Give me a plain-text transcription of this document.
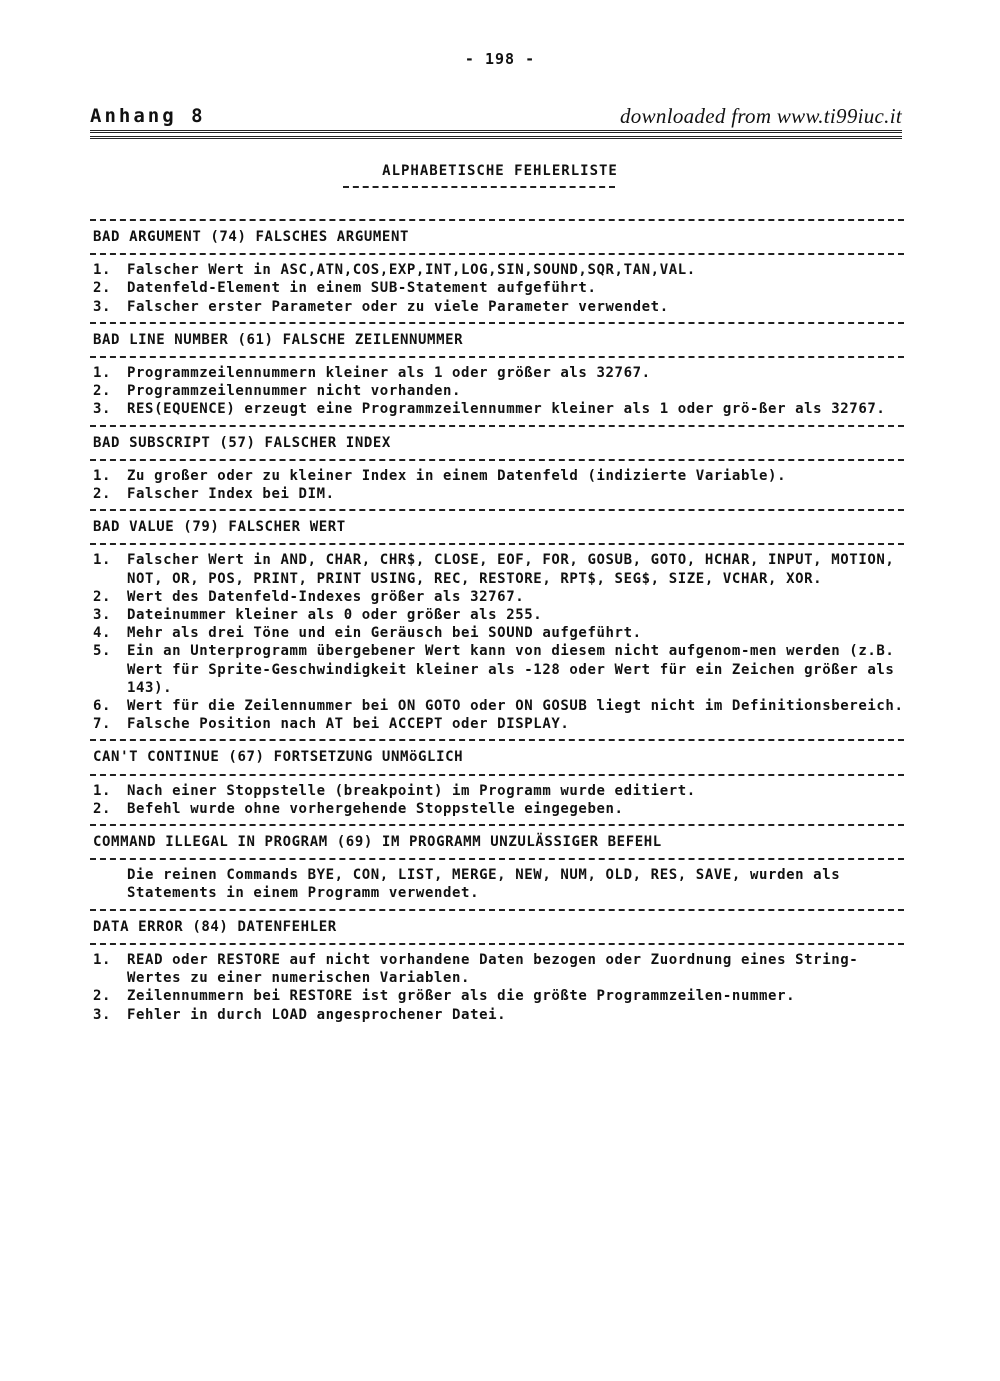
- 198 -
Anhang 8	downloaded from www.ti99iuc.it
ALPHABETISCHE FEHLERLISTE
BAD ARGUMENT (74) FALSCHES ARGUMENT
1.	Falscher Wert in ASC,ATN,COS,EXP,INT,LOG,SIN,SOUND,SQR,TAN,VAL.
2.	Datenfeld-Element in einem SUB-Statement aufgeführt.
3.	Falscher erster Parameter oder zu viele Parameter verwendet.
BAD LINE NUMBER (61) FALSCHE ZEILENNUMMER
1.	Programmzeilennummern kleiner als 1 oder größer als 32767.
2.	Programmzeilennummer nicht vorhanden.
3.	RES(EQUENCE) erzeugt eine Programmzeilennummer kleiner als 1 oder grö-ßer als 32767.
BAD SUBSCRIPT (57) FALSCHER INDEX
1.	Zu großer oder zu kleiner Index in einem Datenfeld (indizierte Variable).
2.	Falscher Index bei DIM.
BAD VALUE (79) FALSCHER WERT
1.	Falscher Wert in AND, CHAR, CHR$, CLOSE, EOF, FOR, GOSUB, GOTO, HCHAR, INPUT, MOTION, NOT, OR, POS, PRINT, PRINT USING, REC, RESTORE, RPT$, SEG$, SIZE, VCHAR, XOR.
2.	Wert des Datenfeld-Indexes größer als 32767.
3.	Dateinummer kleiner als 0 oder größer als 255.
4.	Mehr als drei Töne und ein Geräusch bei SOUND aufgeführt.
5.	Ein an Unterprogramm übergebener Wert kann von diesem nicht aufgenom-men werden (z.B. Wert für Sprite-Geschwindigkeit kleiner als -128 oder Wert für ein Zeichen größer als 143).
6.	Wert für die Zeilennummer bei ON GOTO oder ON GOSUB liegt nicht im Definitionsbereich.
7.	Falsche Position nach AT bei ACCEPT oder DISPLAY.
CAN'T CONTINUE (67) FORTSETZUNG UNMöGLICH
1.	Nach einer Stoppstelle (breakpoint) im Programm wurde editiert.
2.	Befehl wurde ohne vorhergehende Stoppstelle eingegeben.
COMMAND ILLEGAL IN PROGRAM (69) IM PROGRAMM UNZULÄSSIGER BEFEHL
Die reinen Commands BYE, CON, LIST, MERGE, NEW, NUM, OLD, RES, SAVE, wurden als Statements in einem Programm verwendet.
DATA ERROR (84) DATENFEHLER
1.	READ oder RESTORE auf nicht vorhandene Daten bezogen oder Zuordnung eines String-Wertes zu einer numerischen Variablen.
2.	Zeilennummern bei RESTORE ist größer als die größte Programmzeilen-nummer.
3.	Fehler in durch LOAD angesprochener Datei.
